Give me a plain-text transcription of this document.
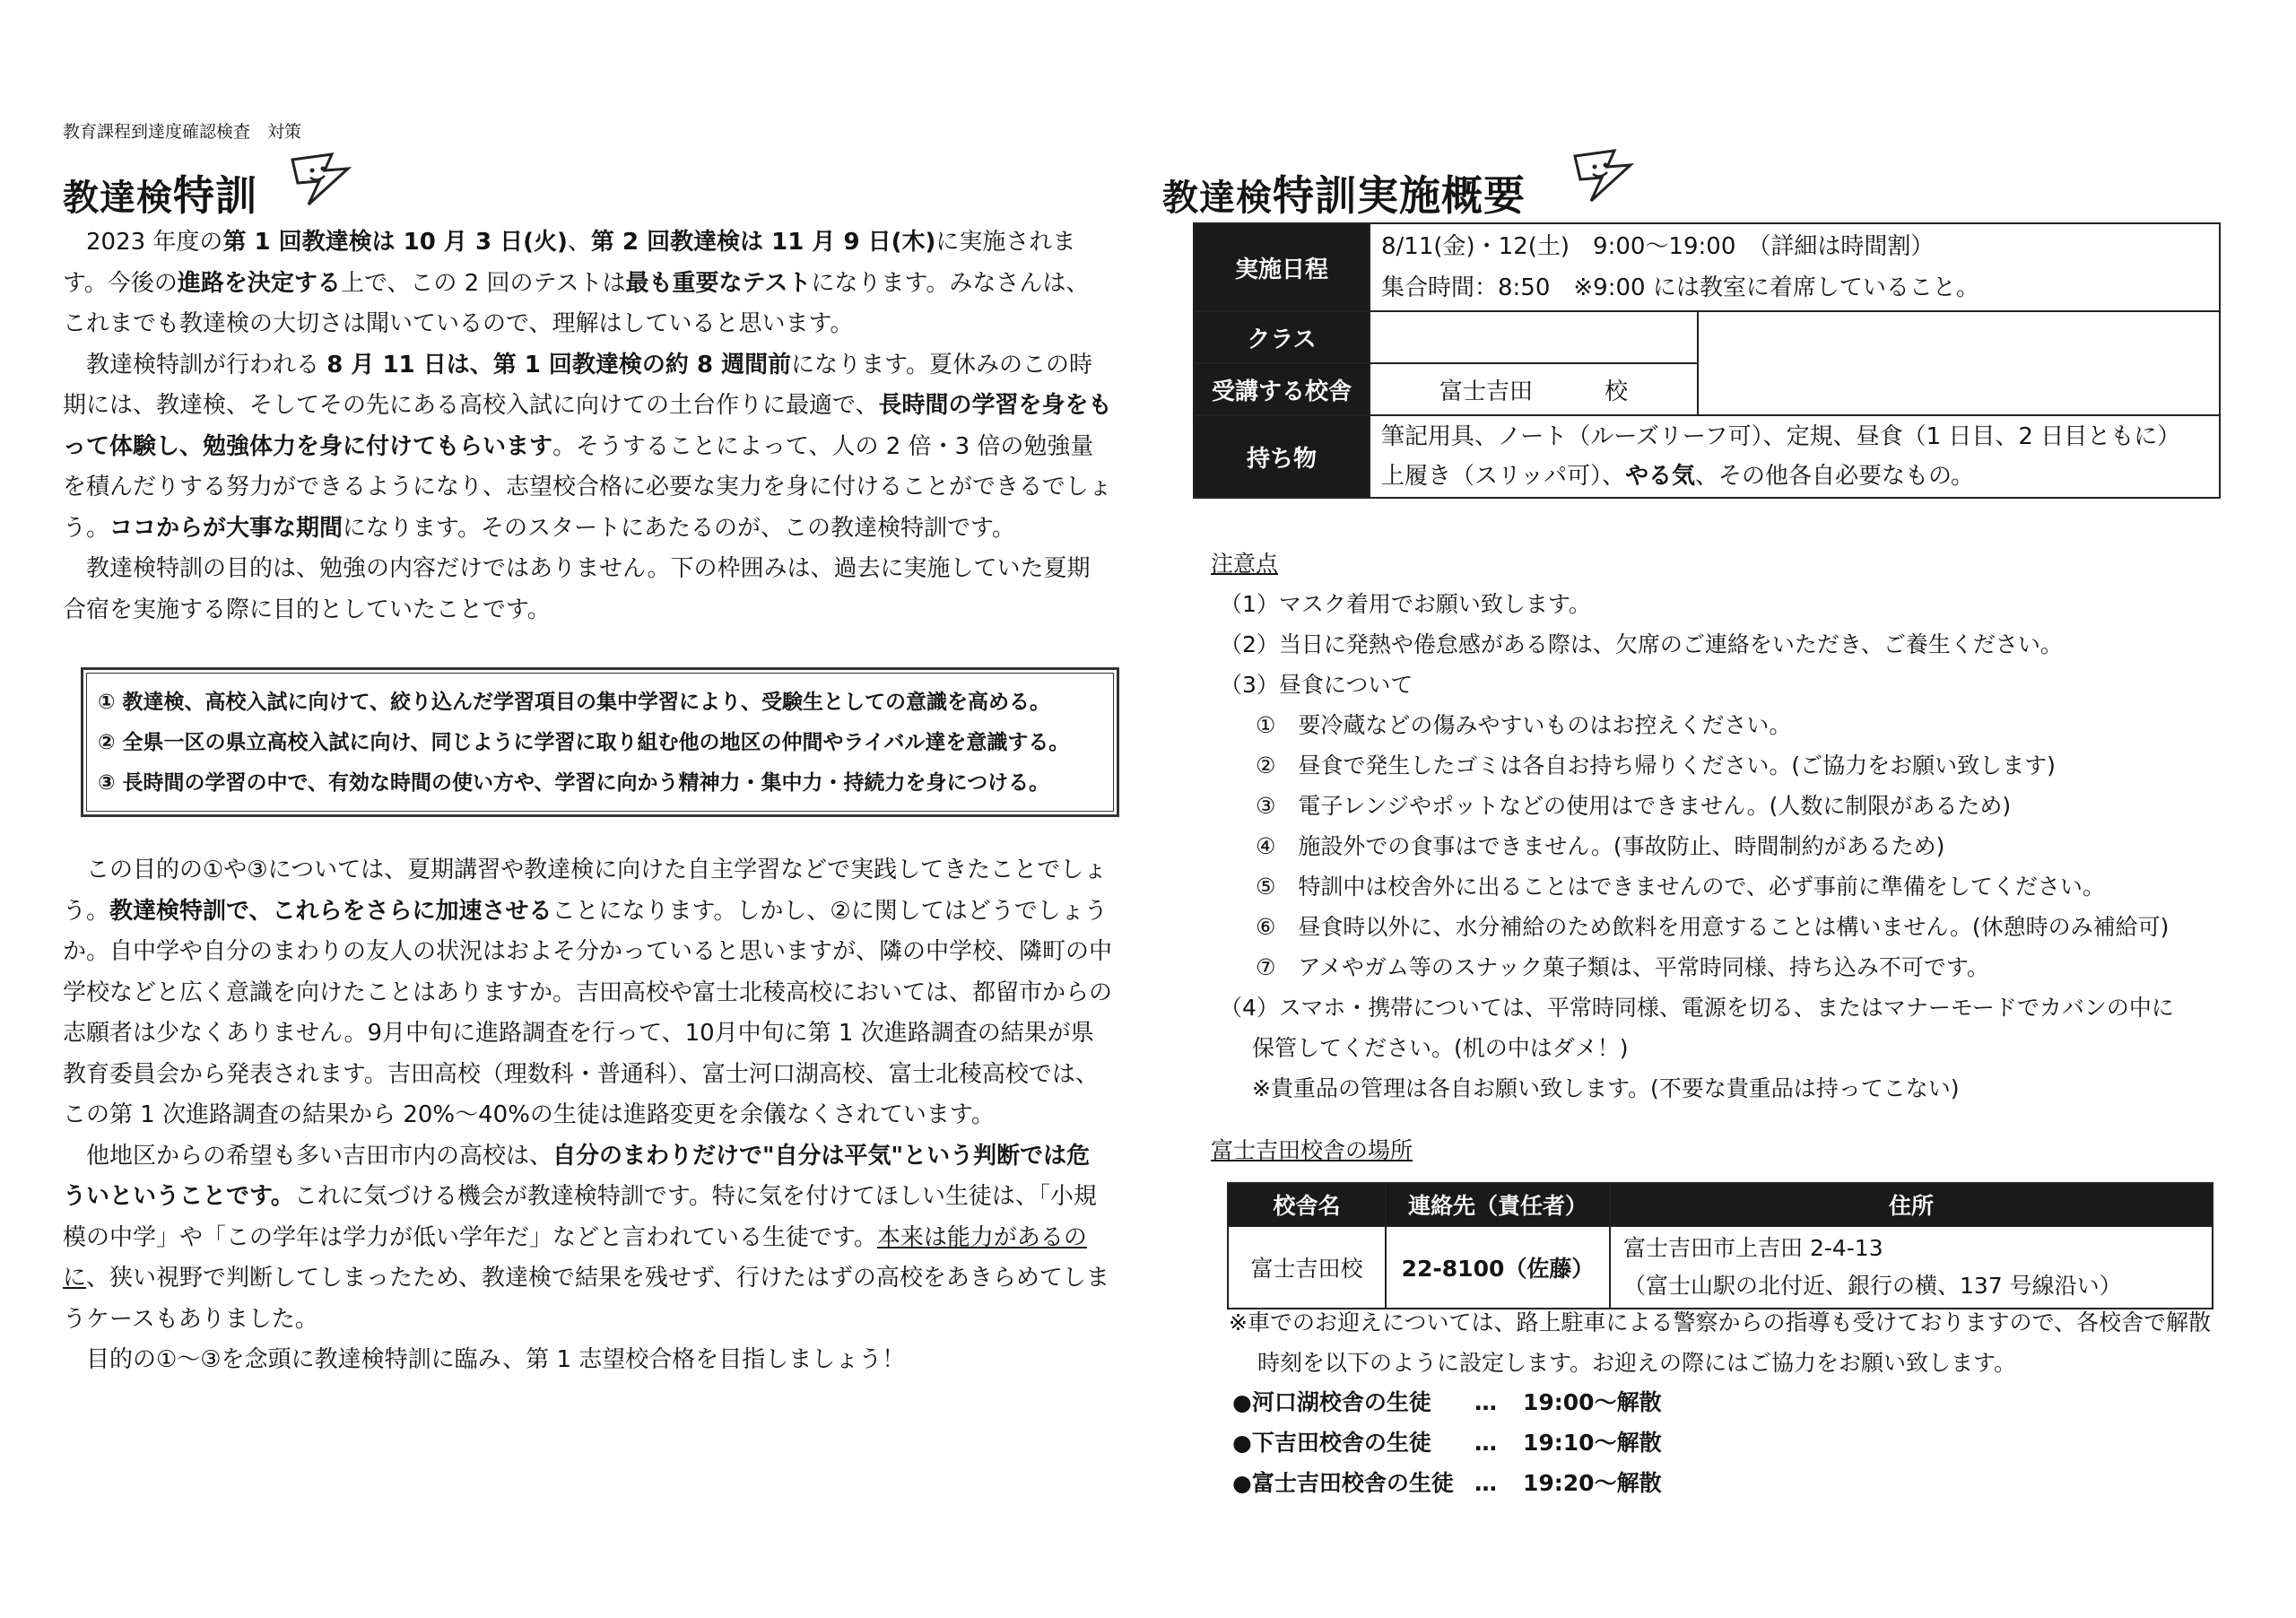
教育課程到達度確認検査　対策
教達検特訓

2023 年度の第 1 回教達検は 10 月 3 日(火)、第 2 回教達検は 11 月 9 日(木)に実施されます。今後の進路を決定する上で、この 2 回のテストは最も重要なテストになります。みなさんは、これまでも教達検の大切さは聞いているので、理解はしていると思います。

教達検特訓が行われる 8 月 11 日は、第 1 回教達検の約 8 週間前になります。夏休みのこの時期には、教達検、そしてその先にある高校入試に向けての土台作りに最適で、長時間の学習を身をもって体験し、勉強体力を身に付けてもらいます。そうすることによって、人の 2 倍・3 倍の勉強量を積んだりする努力ができるようになり、志望校合格に必要な実力を身に付けることができるでしょう。ココからが大事な期間になります。そのスタートにあたるのが、この教達検特訓です。

教達検特訓の目的は、勉強の内容だけではありません。下の枠囲みは、過去に実施していた夏期合宿を実施する際に目的としていたことです。

① 教達検、高校入試に向けて、絞り込んだ学習項目の集中学習により、受験生としての意識を高める。
② 全県一区の県立高校入試に向け、同じように学習に取り組む他の地区の仲間やライバル達を意識する。
③ 長時間の学習の中で、有効な時間の使い方や、学習に向かう精神力・集中力・持続力を身につける。

この目的の①や③については、夏期講習や教達検に向けた自主学習などで実践してきたことでしょう。教達検特訓で、これらをさらに加速させることになります。しかし、②に関してはどうでしょうか。自中学や自分のまわりの友人の状況はおよそ分かっていると思いますが、隣の中学校、隣町の中学校などと広く意識を向けたことはありますか。吉田高校や富士北稜高校においては、都留市からの志願者は少なくありません。9月中旬に進路調査を行って、10月中旬に第 1 次進路調査の結果が県教育委員会から発表されます。吉田高校（理数科・普通科）、富士河口湖高校、富士北稜高校では、この第 1 次進路調査の結果から 20%〜40%の生徒は進路変更を余儀なくされています。

他地区からの希望も多い吉田市内の高校は、自分のまわりだけで"自分は平気"という判断では危ういということです。これに気づける機会が教達検特訓です。特に気を付けてほしい生徒は、「小規模の中学」や「この学年は学力が低い学年だ」などと言われている生徒です。本来は能力があるのに、狭い視野で判断してしまったため、教達検で結果を残せず、行けたはずの高校をあきらめてしまうケースもありました。

目的の①〜③を念頭に教達検特訓に臨み、第 1 志望校合格を目指しましょう！

教達検特訓実施概要
実施日程	8/11(金)・12(土)　9:00〜19:00　（詳細は時間割）
集合時間：8:50　※9:00 には教室に着席していること。	

クラス		
受講する校舎	富士吉田 校	
持ち物	筆記用具、ノート（ルーズリーフ可）、定規、昼食（1 日目、2 日目ともに）
上履き（スリッパ可）、やる気、その他各自必要なもの。	
注意点
（1）マスク着用でお願い致します。
（2）当日に発熱や倦怠感がある際は、欠席のご連絡をいただき、ご養生ください。
（3）昼食について
①　要冷蔵などの傷みやすいものはお控えください。
②　昼食で発生したゴミは各自お持ち帰りください。(ご協力をお願い致します)
③　電子レンジやポットなどの使用はできません。(人数に制限があるため)
④　施設外での食事はできません。(事故防止、時間制約があるため)
⑤　特訓中は校舎外に出ることはできませんので、必ず事前に準備をしてください。
⑥　昼食時以外に、水分補給のため飲料を用意することは構いません。(休憩時のみ補給可)
⑦　アメやガム等のスナック菓子類は、平常時同様、持ち込み不可です。
（4）スマホ・携帯については、平常時同様、電源を切る、またはマナーモードでカバンの中に
保管してください。(机の中はダメ！)
※貴重品の管理は各自お願い致します。(不要な貴重品は持ってこない)
富士吉田校舎の場所
校舎名	連絡先（責任者）	住所
富士吉田校	22-8100（佐藤）	富士吉田市上吉田 2-4-13
（富士山駅の北付近、銀行の横、137 号線沿い）
※車でのお迎えについては、路上駐車による警察からの指導も受けておりますので、各校舎で解散
時刻を以下のように設定します。お迎えの際にはご協力をお願い致します。
●河口湖校舎の生徒 … 19:00〜解散
●下吉田校舎の生徒 … 19:10〜解散
●富士吉田校舎の生徒 … 19:20〜解散
